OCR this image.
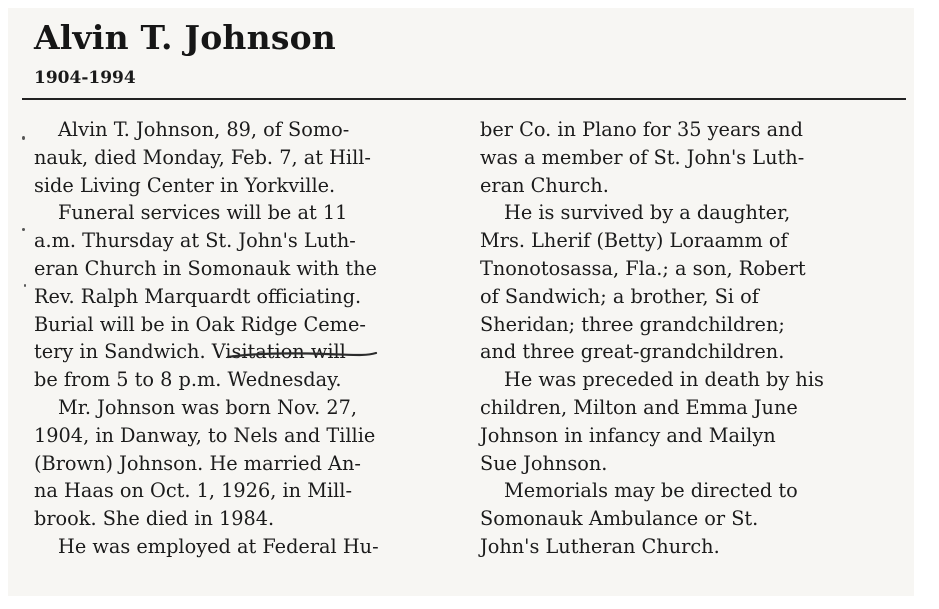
Alvin T. Johnson
1904-1994
Alvin T. Johnson, 89, of Somo-
nauk, died Monday, Feb. 7, at Hill-
side Living Center in Yorkville.
Funeral services will be at 11
a.m. Thursday at St. John's Luth-
eran Church in Somonauk with the
Rev. Ralph Marquardt officiating.
Burial will be in Oak Ridge Ceme-
tery in Sandwich. Visitation will
be from 5 to 8 p.m. Wednesday.
Mr. Johnson was born Nov. 27,
1904, in Danway, to Nels and Tillie
(Brown) Johnson. He married An-
na Haas on Oct. 1, 1926, in Mill-
brook. She died in 1984.
He was employed at Federal Hu-
ber Co. in Plano for 35 years and
was a member of St. John's Luth-
eran Church.
He is survived by a daughter,
Mrs. Lherif (Betty) Loraamm of
Tnonotosassa, Fla.; a son, Robert
of Sandwich; a brother, Si of
Sheridan; three grandchildren;
and three great-grandchildren.
He was preceded in death by his
children, Milton and Emma June
Johnson in infancy and Mailyn
Sue Johnson.
Memorials may be directed to
Somonauk Ambulance or St.
John's Lutheran Church.
